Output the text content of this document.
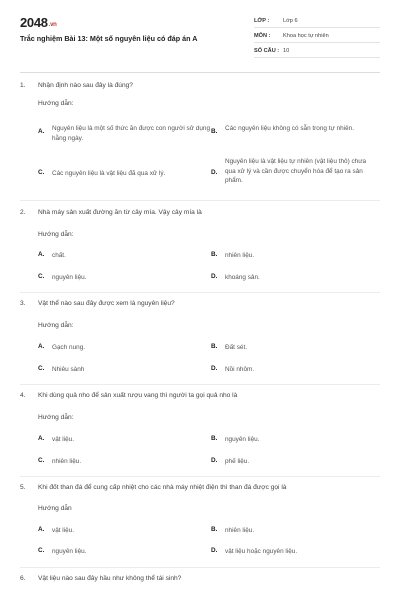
2048.vn
Trắc nghiệm Bài 13: Một số nguyên liệu có đáp án A
LỚP : Lớp 6
MÔN : Khoa học tự nhiên
SỐ CÂU : 10
1. Nhận định nào sau đây là đúng?
Hướng dẫn:
A. Nguyên liệu là một số thức ăn được con người sử dụng hằng ngày.
B. Các nguyên liệu không có sẵn trong tự nhiên.
C. Các nguyên liệu là vật liệu đã qua xử lý.	D.
Nguyên liệu là vật liệu tự nhiên (vật liệu thô) chưa qua xử lý và cần được chuyển hóa để tạo ra sản phẩm.
2. Nhà máy sản xuất đường ăn từ cây mía. Vậy cây mía là
Hướng dẫn:
A. chất.	B. nhiên liệu.
C. nguyên liệu.	D. khoáng sản.
3. Vật thể nào sau đây được xem là nguyên liệu?
Hướng dẫn:
A. Gạch nung.	B. Đất sét.
C. Nhiêu sành	D. Nồi nhôm.
4. Khi dùng quả nho để sản xuất rượu vang thì người ta gọi quả nho là
Hướng dẫn:
A. vật liệu.	B. nguyên liệu.
C. nhiên liệu.	D. phế liệu.
5. Khi đốt than đá để cung cấp nhiệt cho các nhà máy nhiệt điện thì than đá được gọi là
Hướng dẫn
A. vật liệu.	B. nhiên liệu.
C. nguyên liệu.	D. vật liệu hoặc nguyên liệu.
6. Vật liệu nào sau đây hầu như không thể tái sinh?
